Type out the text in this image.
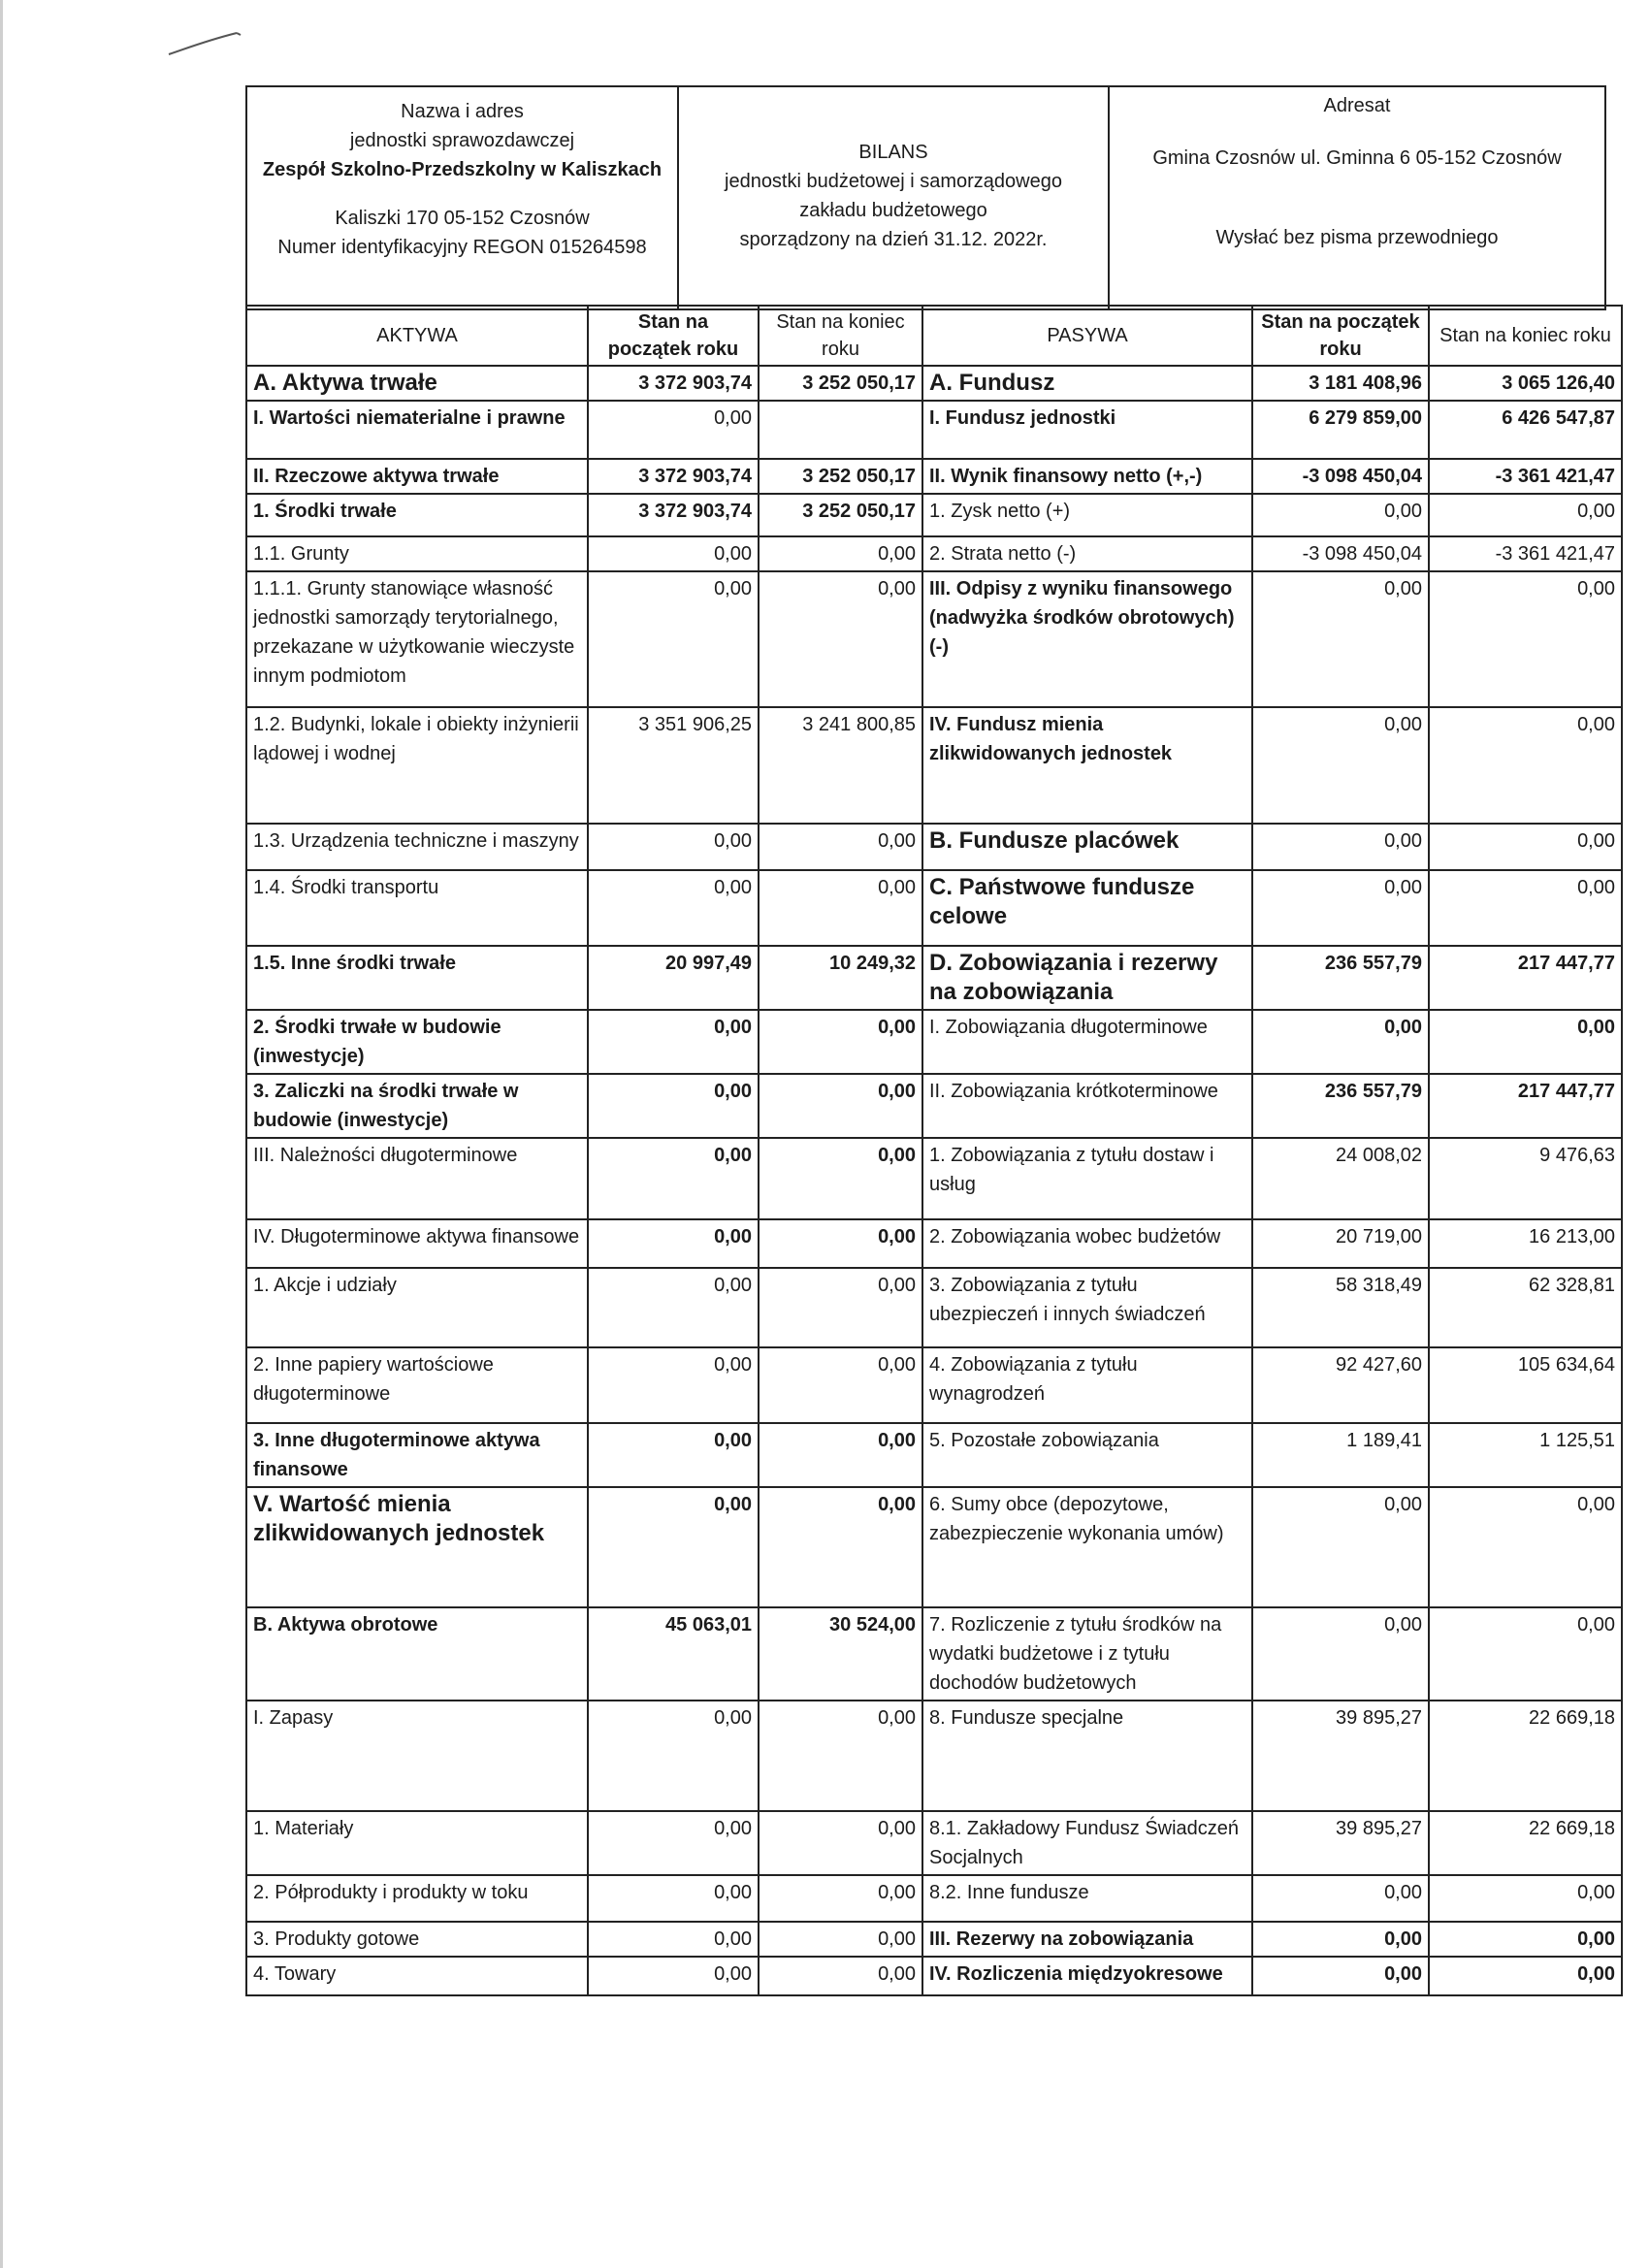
Nazwa i adres
jednostki sprawozdawczej
Zespół Szkolno-Przedszkolny w Kaliszkach
Kaliszki 170 05-152 Czosnów
Numer identyfikacyjny REGON 015264598
BILANS
jednostki budżetowej i samorządowego
zakładu budżetowego
sporządzony na dzień 31.12. 2022r.
Adresat
Gmina Czosnów ul. Gminna 6 05-152 Czosnów
Wysłać bez pisma przewodniego
AKTYWA	Stan na początek roku	Stan na koniec roku	PASYWA	Stan na początek roku	Stan na koniec roku
A. Aktywa trwałe	3 372 903,74	3 252 050,17	A. Fundusz	3 181 408,96	3 065 126,40
I. Wartości niematerialne i prawne	0,00		I. Fundusz jednostki	6 279 859,00	6 426 547,87
II. Rzeczowe aktywa trwałe	3 372 903,74	3 252 050,17	II. Wynik finansowy netto (+,-)	-3 098 450,04	-3 361 421,47
1. Środki trwałe	3 372 903,74	3 252 050,17	1. Zysk netto (+)	0,00	0,00
1.1. Grunty	0,00	0,00	2. Strata netto (-)	-3 098 450,04	-3 361 421,47
1.1.1. Grunty stanowiące własność jednostki samorządy terytorialnego, przekazane w użytkowanie wieczyste innym podmiotom	0,00	0,00	III. Odpisy z wyniku finansowego (nadwyżka środków obrotowych) (-)	0,00	0,00
1.2. Budynki, lokale i obiekty inżynierii lądowej i wodnej	3 351 906,25	3 241 800,85	IV. Fundusz mienia zlikwidowanych jednostek	0,00	0,00
1.3. Urządzenia techniczne i maszyny	0,00	0,00	B. Fundusze placówek	0,00	0,00
1.4. Środki transportu	0,00	0,00	C. Państwowe fundusze celowe	0,00	0,00
1.5. Inne środki trwałe	20 997,49	10 249,32	D. Zobowiązania i rezerwy na zobowiązania	236 557,79	217 447,77
2. Środki trwałe w budowie (inwestycje)	0,00	0,00	I. Zobowiązania długoterminowe	0,00	0,00
3. Zaliczki na środki trwałe w budowie (inwestycje)	0,00	0,00	II. Zobowiązania krótkoterminowe	236 557,79	217 447,77
III. Należności długoterminowe	0,00	0,00	1. Zobowiązania z tytułu dostaw i usług	24 008,02	9 476,63
IV. Długoterminowe aktywa finansowe	0,00	0,00	2. Zobowiązania wobec budżetów	20 719,00	16 213,00
1. Akcje i udziały	0,00	0,00	3. Zobowiązania z tytułu ubezpieczeń i innych świadczeń	58 318,49	62 328,81
2. Inne papiery wartościowe długoterminowe	0,00	0,00	4. Zobowiązania z tytułu wynagrodzeń	92 427,60	105 634,64
3. Inne długoterminowe aktywa finansowe	0,00	0,00	5. Pozostałe zobowiązania	1 189,41	1 125,51
V. Wartość mienia zlikwidowanych jednostek	0,00	0,00	6. Sumy obce (depozytowe, zabezpieczenie wykonania umów)	0,00	0,00
B. Aktywa obrotowe	45 063,01	30 524,00	7. Rozliczenie z tytułu środków na wydatki budżetowe i z tytułu dochodów budżetowych	0,00	0,00
I. Zapasy	0,00	0,00	8. Fundusze specjalne	39 895,27	22 669,18
1. Materiały	0,00	0,00	8.1. Zakładowy Fundusz Świadczeń Socjalnych	39 895,27	22 669,18
2. Półprodukty i produkty w toku	0,00	0,00	8.2. Inne fundusze	0,00	0,00
3. Produkty gotowe	0,00	0,00	III. Rezerwy na zobowiązania	0,00	0,00
4. Towary	0,00	0,00	IV. Rozliczenia międzyokresowe	0,00	0,00
